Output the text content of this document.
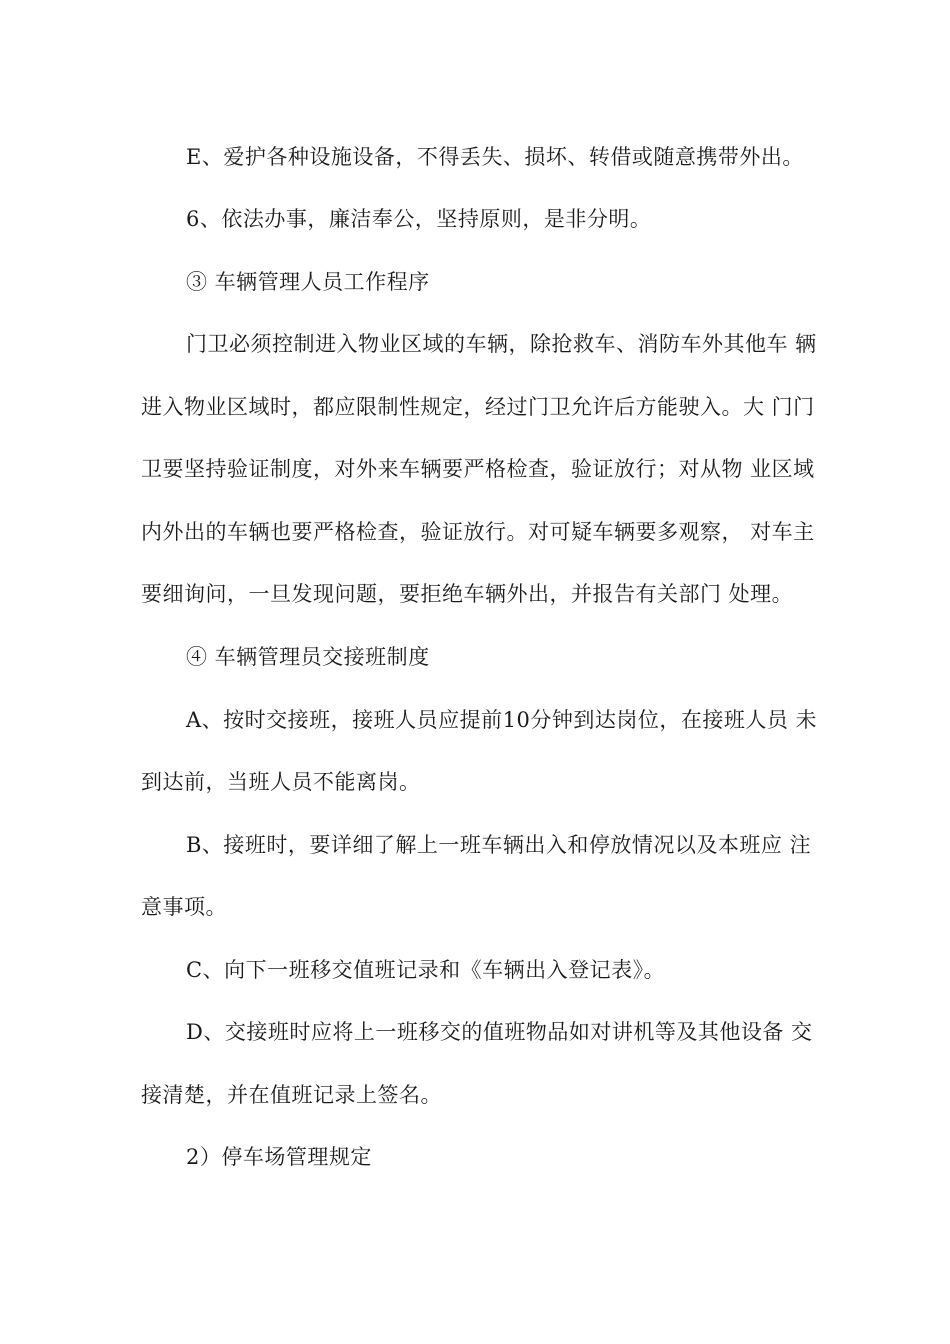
E、爱护各种设施设备，不得丢失、损坏、转借或随意携带外出。
6、依法办事，廉洁奉公，坚持原则，是非分明。
③ 车辆管理人员工作程序
门卫必须控制进入物业区域的车辆，除抢救车、消防车外其他车 辆
进入物业区域时，都应限制性规定，经过门卫允许后方能驶入。大 门门
卫要坚持验证制度，对外来车辆要严格检查，验证放行；对从物 业区域
内外出的车辆也要严格检查，验证放行。对可疑车辆要多观察， 对车主
要细询问，一旦发现问题，要拒绝车辆外出，并报告有关部门 处理。
④ 车辆管理员交接班制度
A、按时交接班，接班人员应提前10分钟到达岗位，在接班人员 未
到达前，当班人员不能离岗。
B、接班时，要详细了解上一班车辆出入和停放情况以及本班应 注
意事项。
C、向下一班移交值班记录和《车辆出入登记表》。
D、交接班时应将上一班移交的值班物品如对讲机等及其他设备 交
接清楚，并在值班记录上签名。
2）停车场管理规定
